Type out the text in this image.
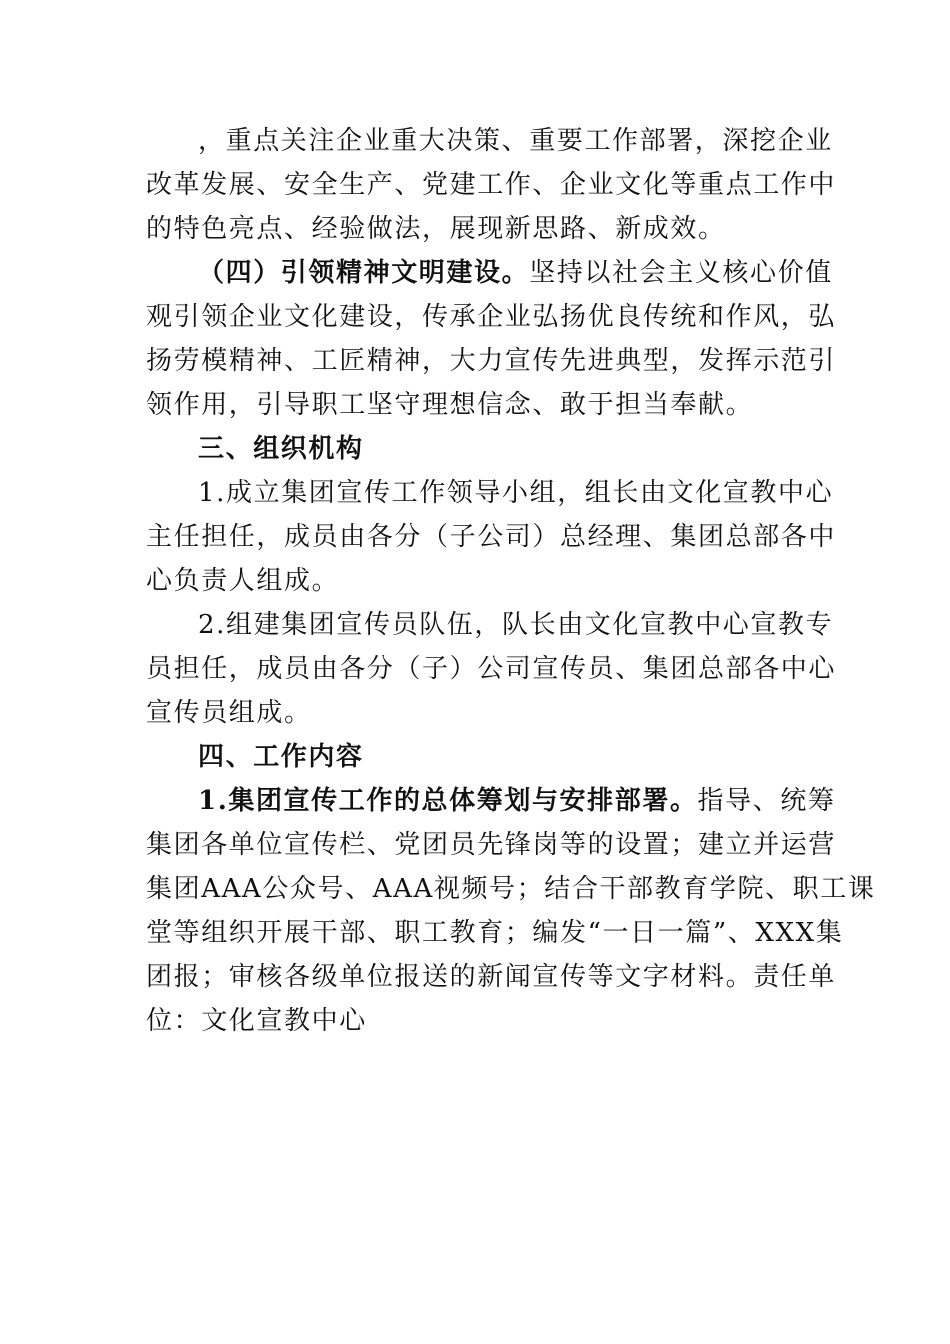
，重点关注企业重大决策、重要工作部署，深挖企业
改革发展、安全生产、党建工作、企业文化等重点工作中
的特色亮点、经验做法，展现新思路、新成效。
（四）引领精神文明建设。坚持以社会主义核心价值
观引领企业文化建设，传承企业弘扬优良传统和作风，弘
扬劳模精神、工匠精神，大力宣传先进典型，发挥示范引
领作用，引导职工坚守理想信念、敢于担当奉献。
三、组织机构
1.成立集团宣传工作领导小组，组长由文化宣教中心
主任担任，成员由各分（子公司）总经理、集团总部各中
心负责人组成。
2.组建集团宣传员队伍，队长由文化宣教中心宣教专
员担任，成员由各分（子）公司宣传员、集团总部各中心
宣传员组成。
四、工作内容
1.集团宣传工作的总体筹划与安排部署。指导、统筹
集团各单位宣传栏、党团员先锋岗等的设置；建立并运营
集团AAA公众号、AAA视频号；结合干部教育学院、职工课
堂等组织开展干部、职工教育；编发“一日一篇”、XXX集
团报；审核各级单位报送的新闻宣传等文字材料。责任单
位：文化宣教中心
